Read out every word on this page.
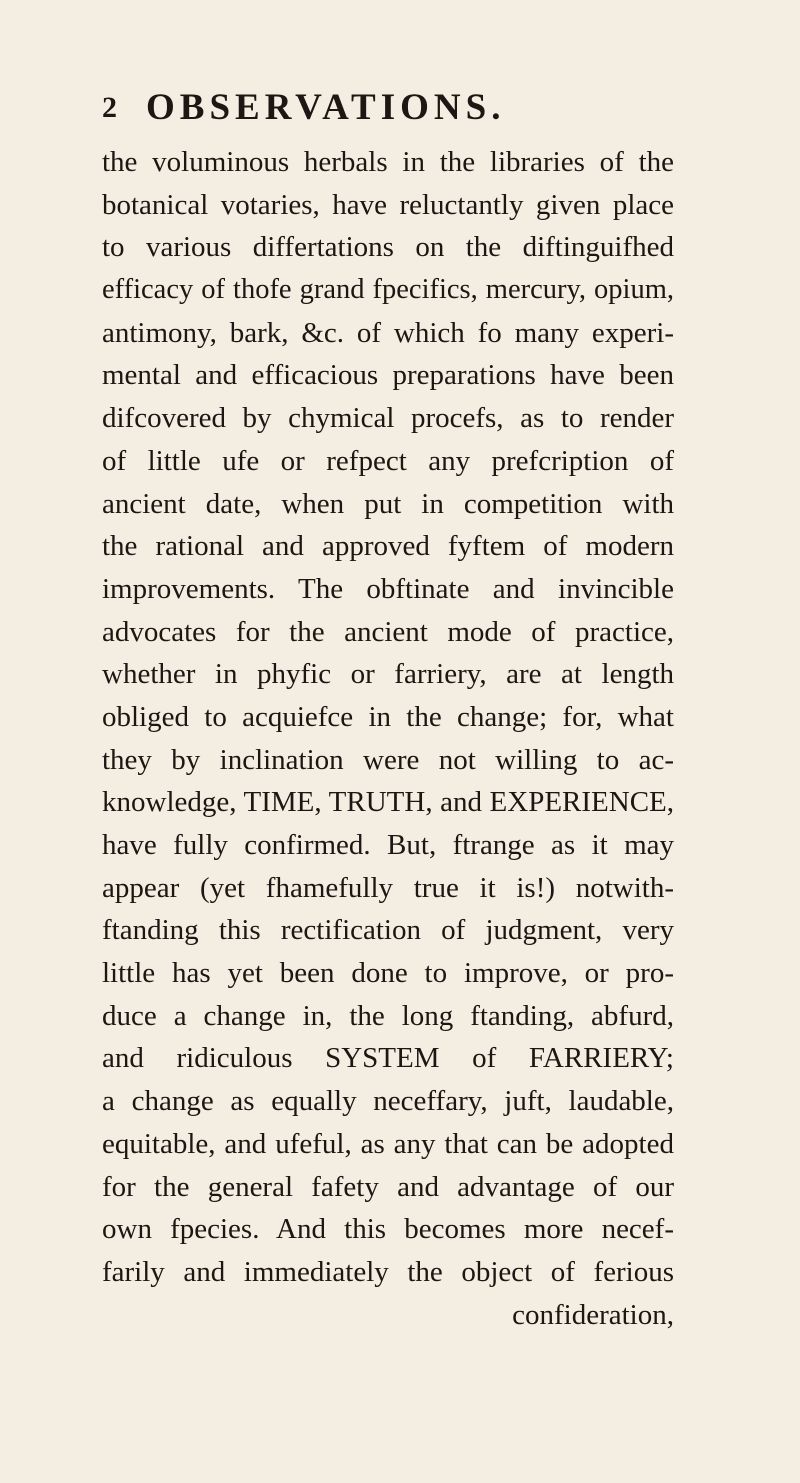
2 OBSERVATIONS.
the voluminous herbals in the libraries of the
botanical votaries, have reluctantly given place
to various differtations on the diftinguifhed
efficacy of thofe grand fpecifics, mercury, opium,
antimony, bark, &c. of which fo many experi-
mental and efficacious preparations have been
difcovered by chymical procefs, as to render
of little ufe or refpect any prefcription of
ancient date, when put in competition with
the rational and approved fyftem of modern
improvements. The obftinate and invincible
advocates for the ancient mode of practice,
whether in phyfic or farriery, are at length
obliged to acquiefce in the change; for, what
they by inclination were not willing to ac-
knowledge, TIME, TRUTH, and EXPERIENCE,
have fully confirmed. But, ftrange as it may
appear (yet fhamefully true it is!) notwith-
ftanding this rectification of judgment, very
little has yet been done to improve, or pro-
duce a change in, the long ftanding, abfurd,
and ridiculous SYSTEM of FARRIERY;
a change as equally neceffary, juft, laudable,
equitable, and ufeful, as any that can be adopted
for the general fafety and advantage of our
own fpecies. And this becomes more necef-
farily and immediately the object of ferious
confideration,
